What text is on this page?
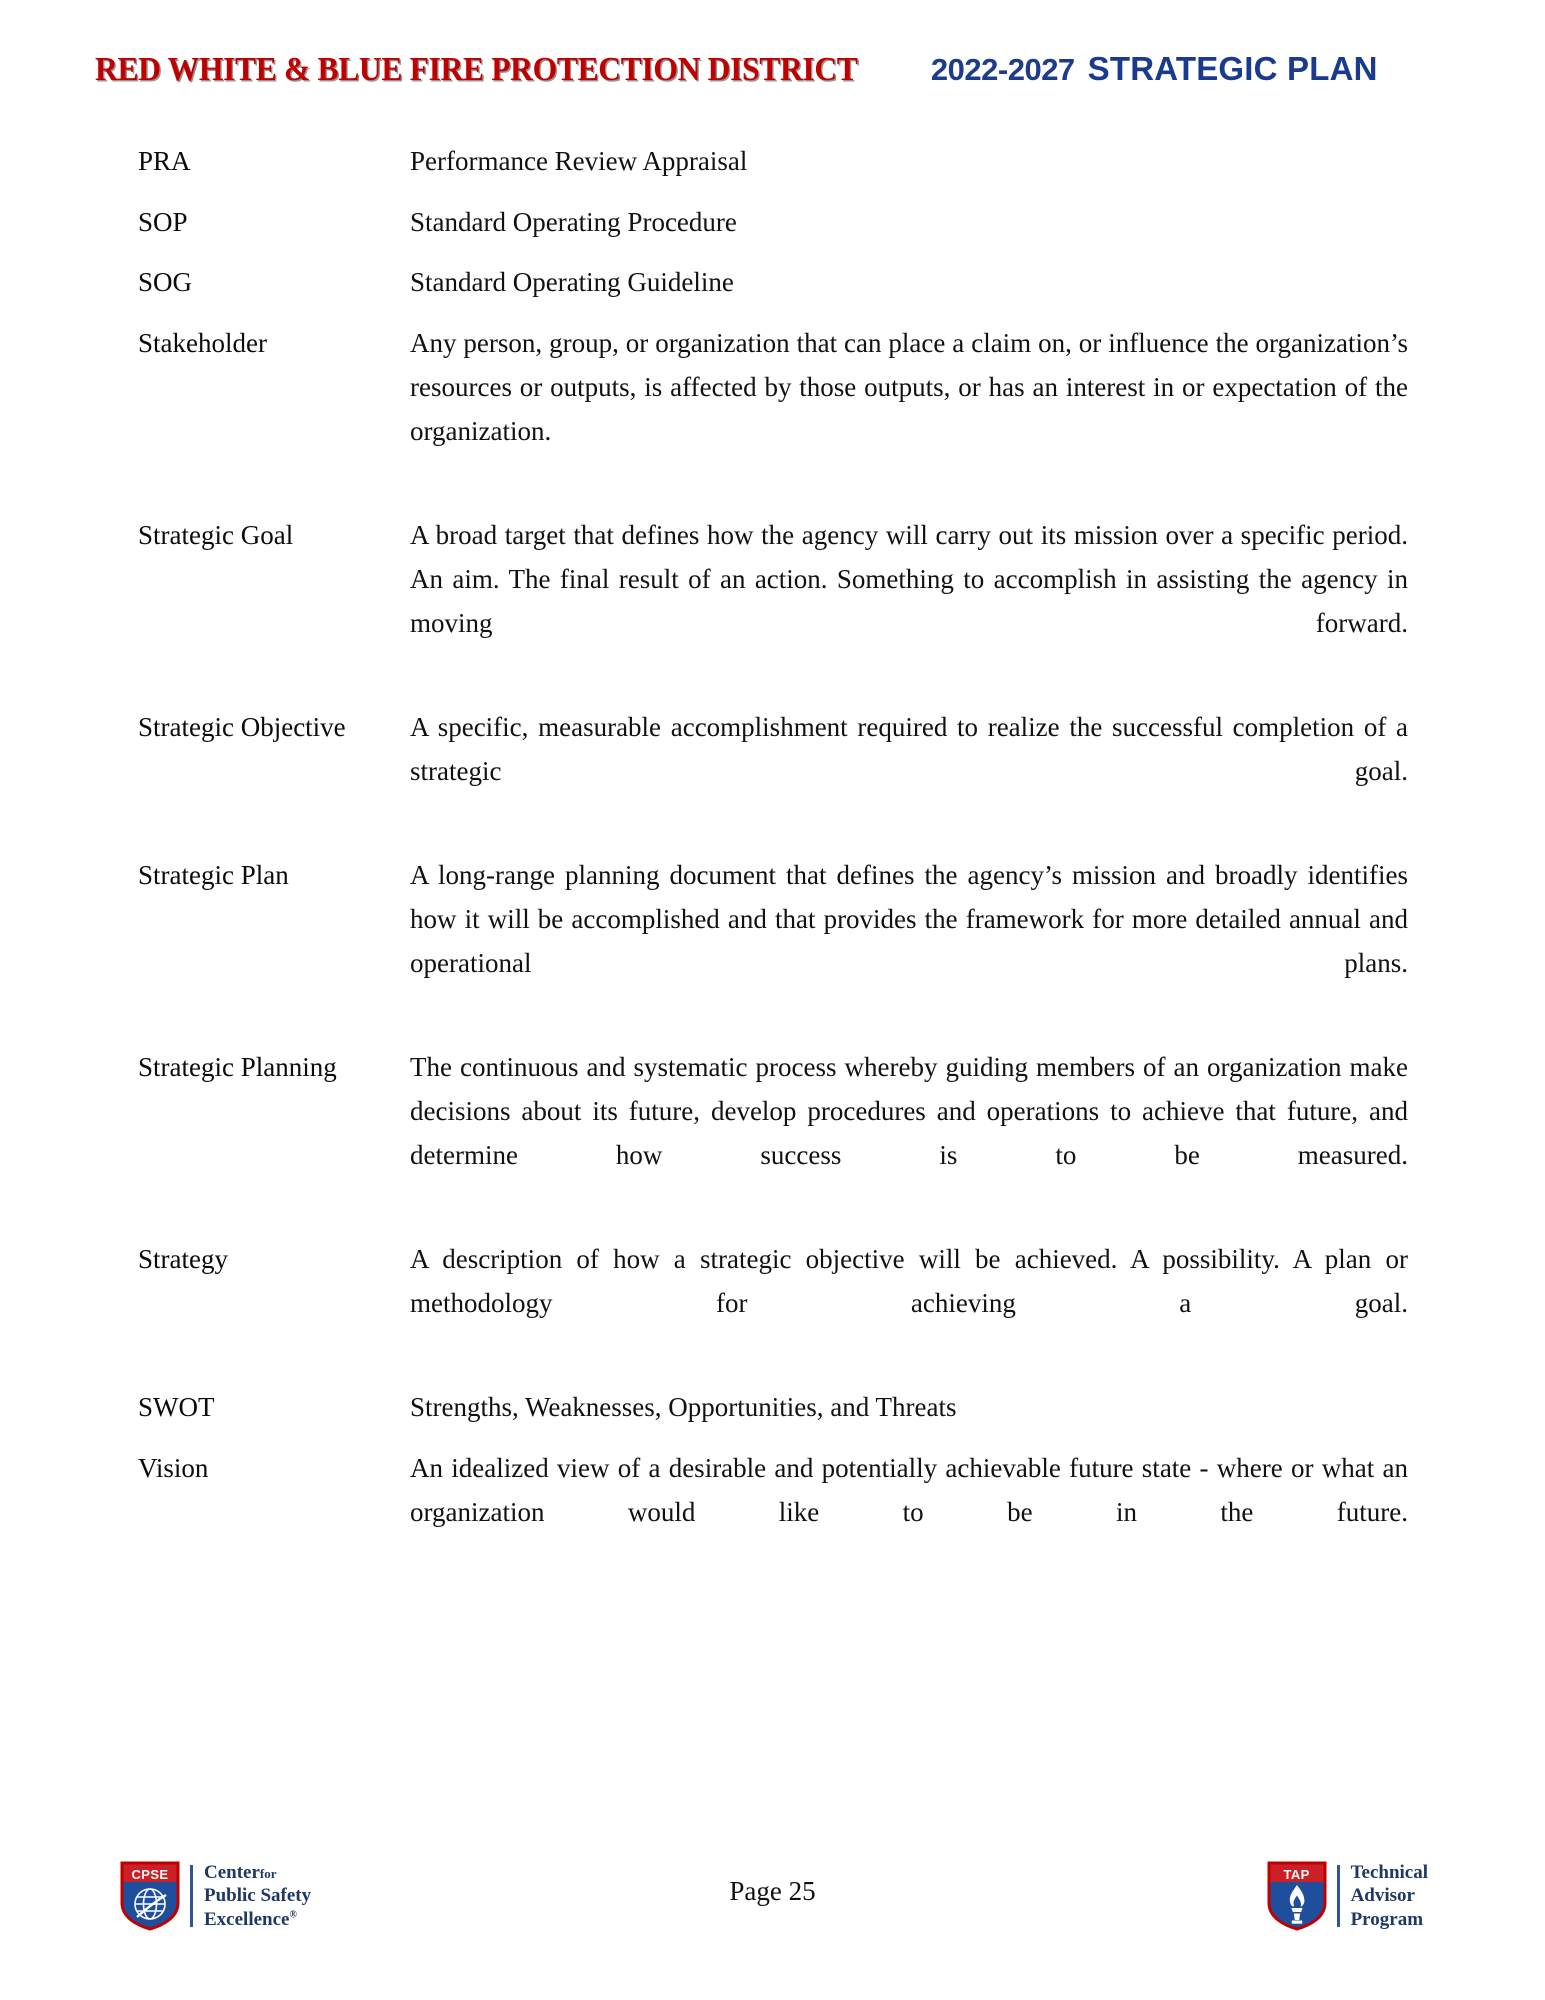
RED WHITE & BLUE FIRE PROTECTION DISTRICT 2022-2027 STRATEGIC PLAN
PRA	Performance Review Appraisal
SOP	Standard Operating Procedure
SOG	Standard Operating Guideline
Stakeholder	Any person, group, or organization that can place a claim on, or influence the organization’s resources or outputs, is affected by those outputs, or has an interest in or expectation of the organization.
Strategic Goal	A broad target that defines how the agency will carry out its mission over a specific period. An aim. The final result of an action. Something to accomplish in assisting the agency in moving forward.
Strategic Objective	A specific, measurable accomplishment required to realize the successful completion of a strategic goal.
Strategic Plan	A long-range planning document that defines the agency’s mission and broadly identifies how it will be accomplished and that provides the framework for more detailed annual and operational plans.
Strategic Planning	The continuous and systematic process whereby guiding members of an organization make decisions about its future, develop procedures and operations to achieve that future, and determine how success is to be measured.
Strategy	A description of how a strategic objective will be achieved. A possibility. A plan or methodology for achieving a goal.
SWOT	Strengths, Weaknesses, Opportunities, and Threats
Vision	An idealized view of a desirable and potentially achievable future state - where or what an organization would like to be in the future.
CPSE	Centerfor
Public Safety
Excellence®
Page 25
TAP	Technical
Advisor
Program
